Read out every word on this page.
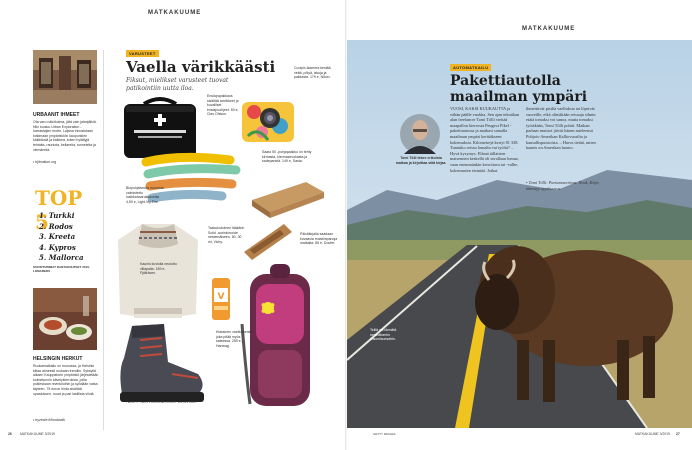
MATKAKUUME
MATKAKUUME
URBAANIT IHMEET
Ota varo näkökulma, jätä vain jalanjälkiä. Niin kuuluu Urban Exploration -harrastajien motto. Lajissa innostutaan tutkimaan ympäristöön kaupunkien käkitöksiä ja kaikkea, kuten hylättyjä tehtaita, rauniota, kellareita, tunneleita ja viemäreitä.
• trjilmation.org
TOP 5
1. Turkki
2. Rodos
3. Kreeta
4. Kypros
5. Mallorca
SUOSITUIMMAT RANTAKOHTEET 2019. LOMAREDS
HELSINGIN HERKUT
Ruokamatkailu on muoussa, ja Helsinki kiilaa ahneesti mukaan trendiin. Syksyllä alkaen Kauppatorin ympäristö järjestetään kolmetunnin kävelykierroksia, joilla puikeskaan revintoloihin ja syödään vatsa täyteen. 75 euron hinta sisältää opastuksen, ruuat ja pari lasillista viiniä.
• tryzeste.fi/foodwalk
VARUSTEET
Vaella värikkäästi
Fiksut, mielikset varusteet tuovat patikointiin uutta iloa.
Ensiapupakkaus sisältää tarvikkeet ja kuvalliset ensiapuohjeet. 50 e, Clas Ohlson.
Coolpix-ikamera kestää vettä, pölyä, iskuja ja pakkasta. 179 e, Nikon.
Biopohjaisesta muovista valmistettu lusikkahaarukkaveitsi. 4,50 e, Light My Fire.
Saato 50 -pohjapaakku on tehty kirmasta, kiermasevokasta ja sadepanstä. 149 e, Sasta.
Kaunis kuviolla neulottu villapaita. 159 e, Fjällräven.
Taskukokoinen lääkärin Solid -aurinkovoide nestemäiseen. 50, 30 ml, Vichy.
Päiväkirjalla saadaan kuvaavia muistiinpanoja matkalta. 85 e, Doufer.
V
Klassinen vaelluskenkä, joka pitää myös sateessa. 259 e, Hanwag.
TEKSTIT: TERO PULKKINEN KUVAT: VALMISTAJAT
26 MATKAKUUME 3/2019
AUTOMATKAILU
Pakettiautolla maailman ympäri
Tomi Tölli tekee erikoista matkaa ja kirjoittaa siitä kirjaa.
VUOSI, KAKSI KUUKAUTTA ja vähän päälle vuokka. Sen ajan tekniikan alan freelancer Tomi Tölli viettää maapallon kierrosta Peugeot Pikel -pakettiautossa ja matkasi samalla maailman ympäri kerätäkseen kokemuksia. Kilometrejä kertyi 81 338. Tuntuiko reissu lomalta vai työltä? – Hyvä kysymys. Elämä tällaisten maisemien keskellä oli tavallaan lomaa, vaan enemmänkin kerrottava tai -valhe, kokemusten etsintää. Jotkut
ihmetttivät pisiltä vaelluksia tai löpsivät vuoreille, eikä oliniäkään reissuja silmin etäiä tomaksi voi sanoa, mutta tomaksi työtäkään, Tomi Tölli pohtii. Matkan parhaat muistot jäivät hänen mieleensä Pohjois-Amerikan Kalliovuorilta ja kansallispuistoista. – Harva tietää, miten kaunis on Amerikan luonto.
• Tomi Tölli: Pariamaverinas. Neuk, Kirja ilmestyy syyskuussa.
Teillä voi törmätä neuvottomiin biisonilaumoihin.
GETTY IMAGES	MATKAKUUME 3/2019 27
